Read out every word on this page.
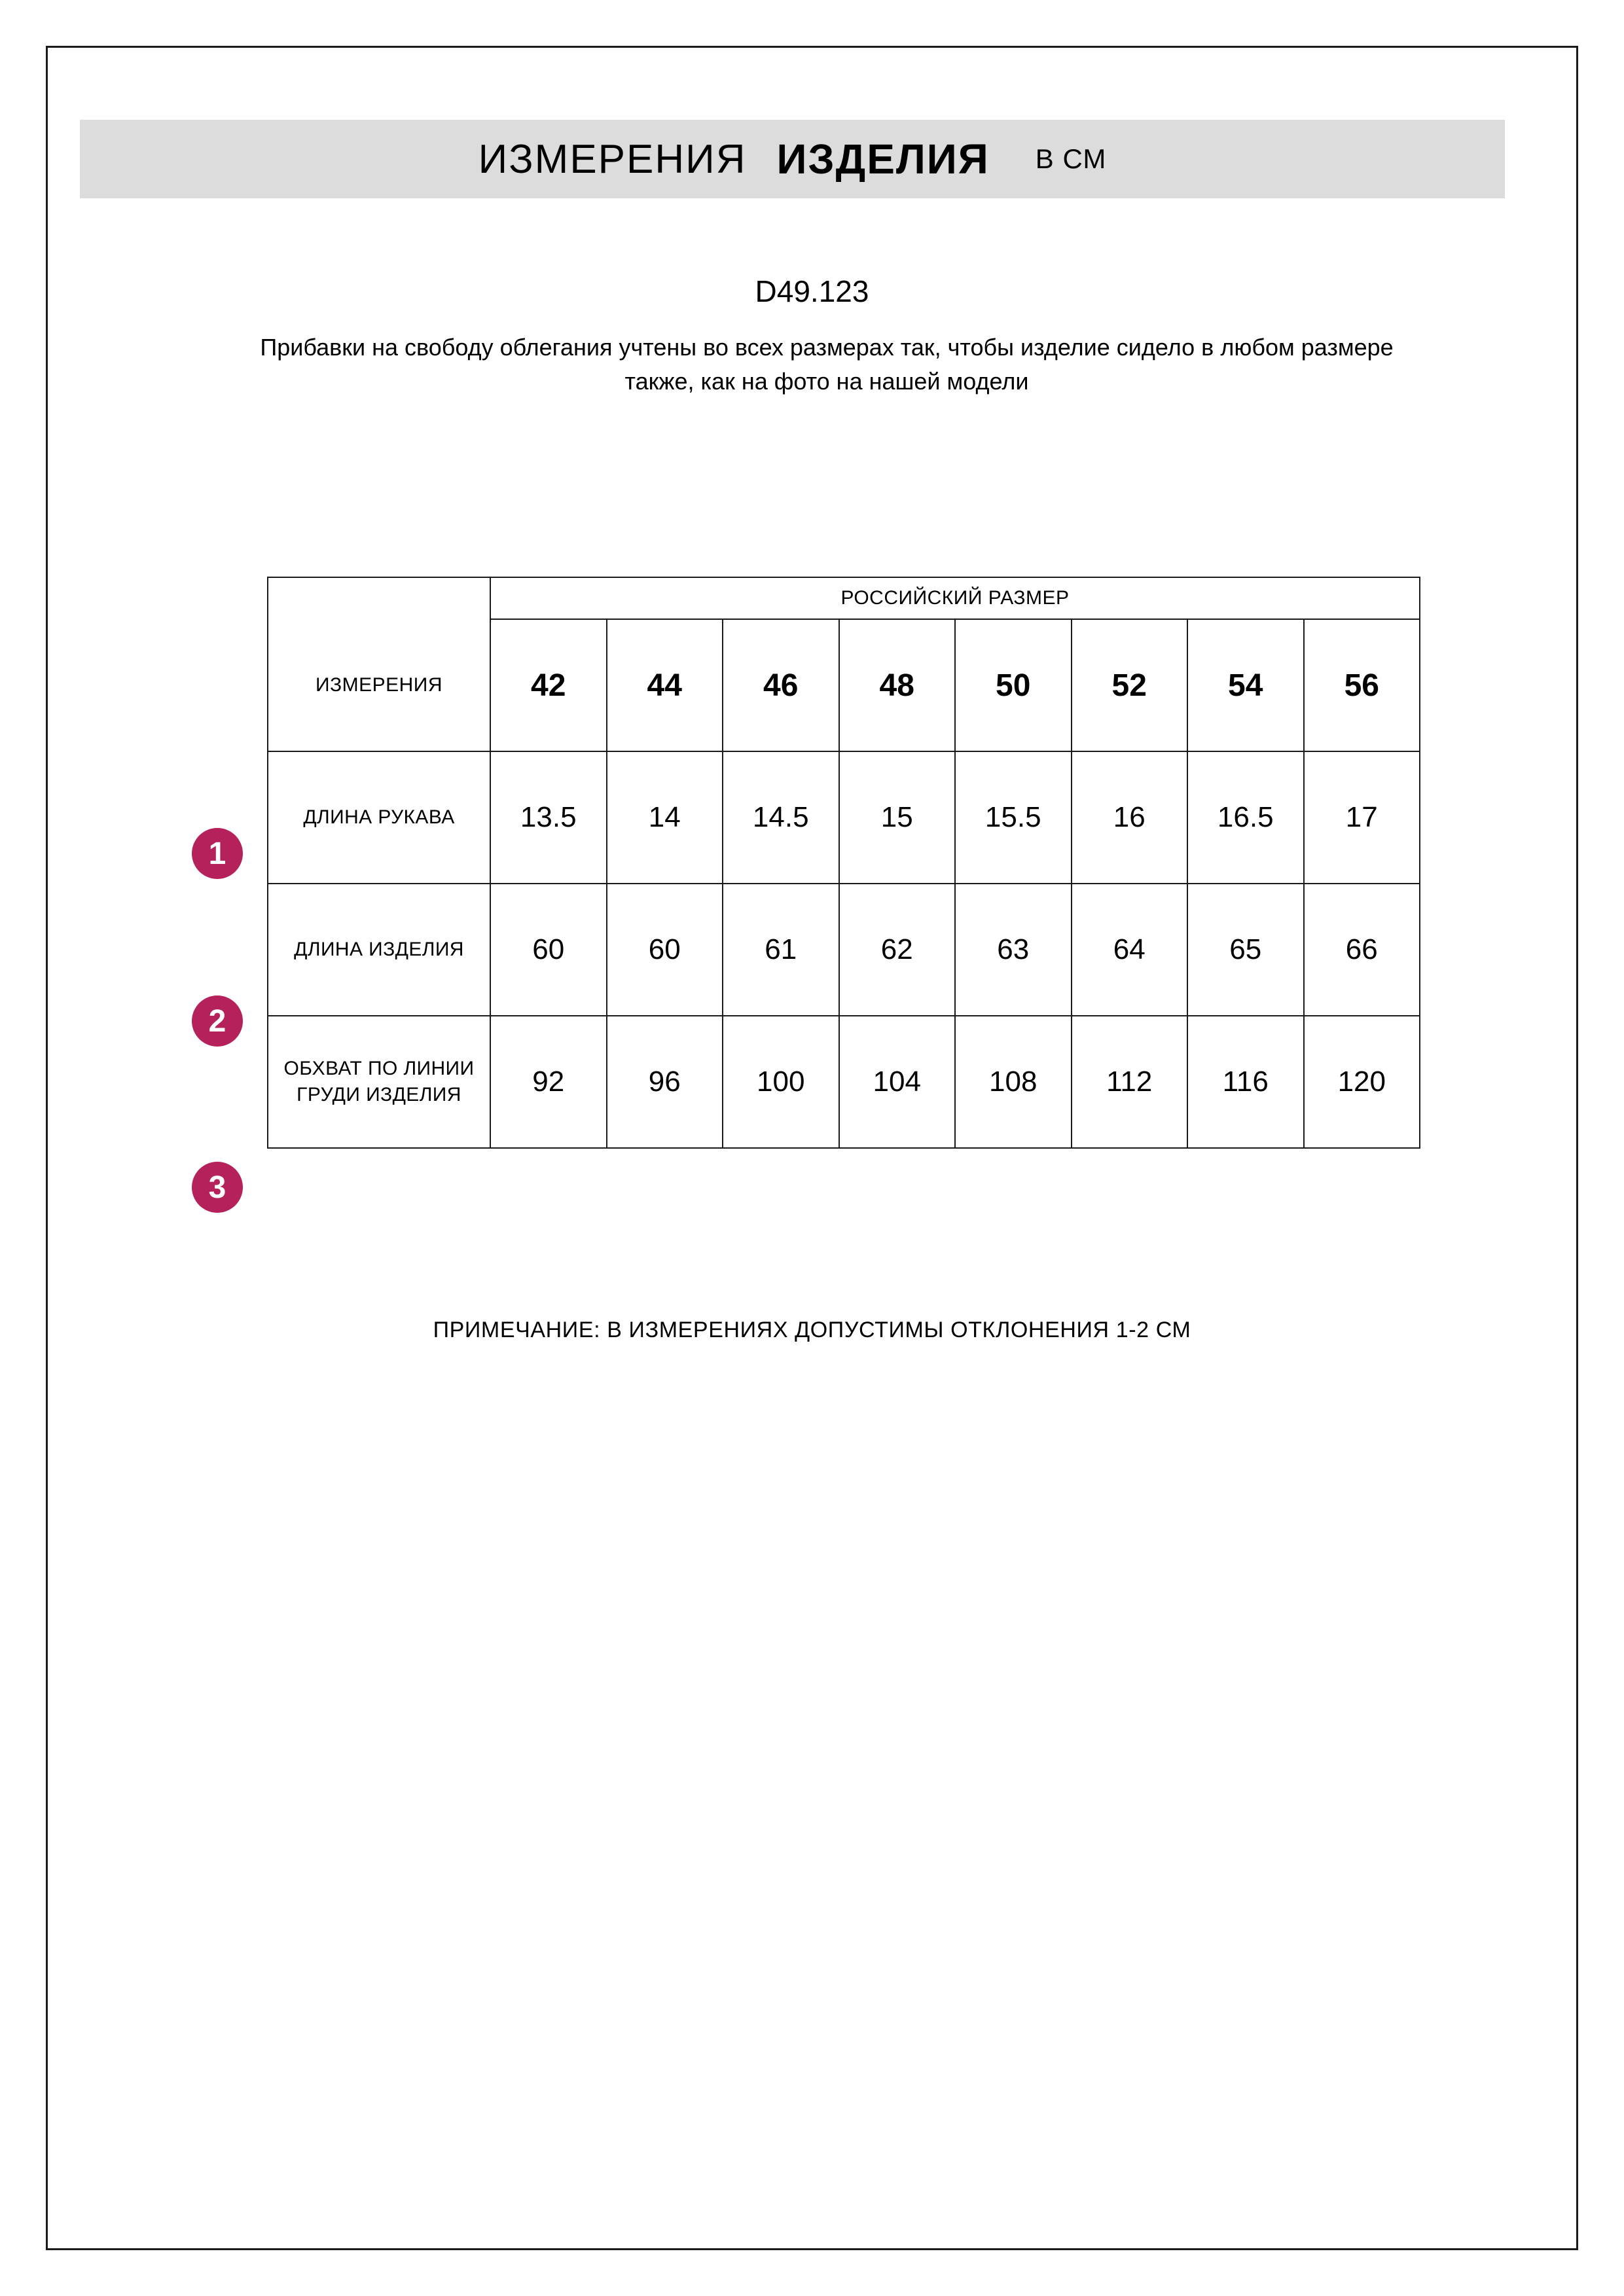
ИЗМЕРЕНИЯ ИЗДЕЛИЯ В СМ
D49.123
Прибавки на свободу облегания учтены во всех размерах так, чтобы изделие сидело в любом размере также, как на фото на нашей модели
	РОССИЙСКИЙ РАЗМЕР							
ИЗМЕРЕНИЯ	42	44	46	48	50	52	54	56
ДЛИНА РУКАВА	13.5	14	14.5	15	15.5	16	16.5	17
ДЛИНА ИЗДЕЛИЯ	60	60	61	62	63	64	65	66
ОБХВАТ ПО ЛИНИИ ГРУДИ ИЗДЕЛИЯ	92	96	100	104	108	112	116	120
1
2
3
ПРИМЕЧАНИЕ: В ИЗМЕРЕНИЯХ ДОПУСТИМЫ ОТКЛОНЕНИЯ 1-2 СМ
